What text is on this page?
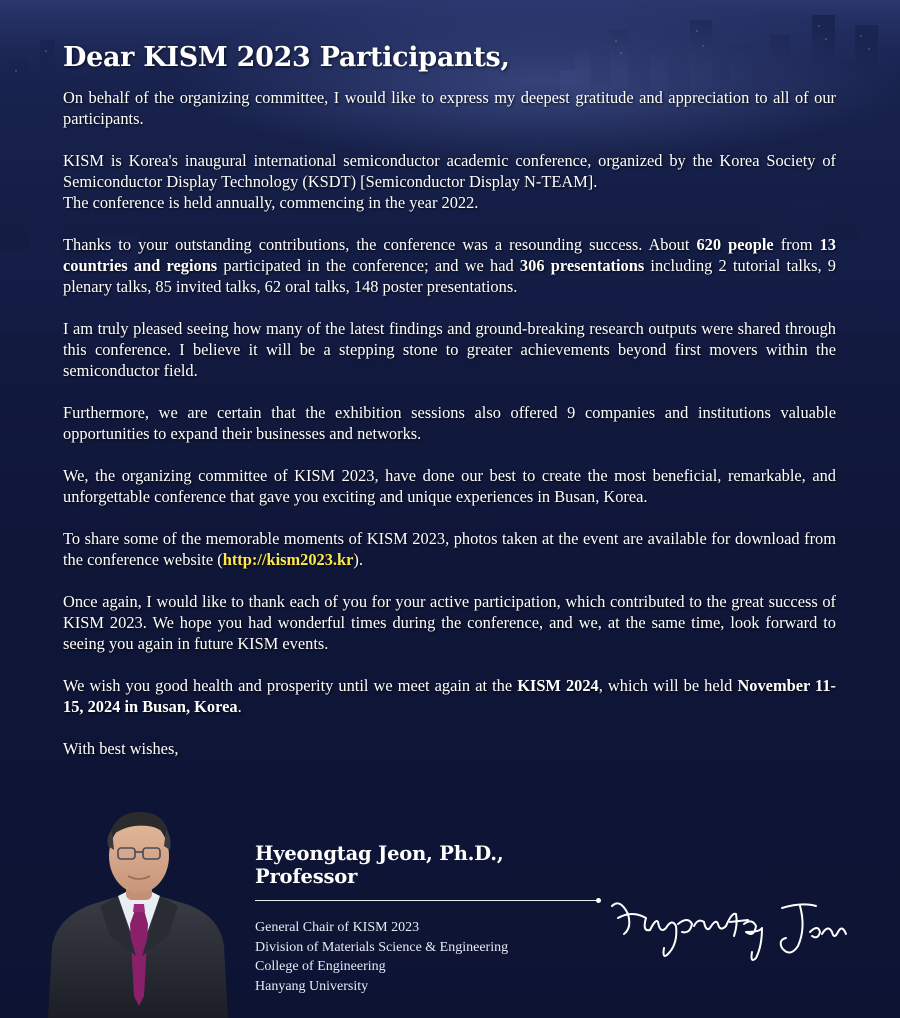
Dear KISM 2023 Participants,

On behalf of the organizing committee, I would like to express my deepest gratitude and appreciation to all of our participants.

KISM is Korea's inaugural international semiconductor academic conference, organized by the Korea Society of Semiconductor Display Technology (KSDT) [Semiconductor Display N-TEAM].
The conference is held annually, commencing in the year 2022.

Thanks to your outstanding contributions, the conference was a resounding success. About 620 people from 13 countries and regions participated in the conference; and we had 306 presentations including 2 tutorial talks, 9 plenary talks, 85 invited talks, 62 oral talks, 148 poster presentations.

I am truly pleased seeing how many of the latest findings and ground-breaking research outputs were shared through this conference. I believe it will be a stepping stone to greater achievements beyond first movers within the semiconductor field.

Furthermore, we are certain that the exhibition sessions also offered 9 companies and institutions valuable opportunities to expand their businesses and networks.

We, the organizing committee of KISM 2023, have done our best to create the most beneficial, remarkable, and unforgettable conference that gave you exciting and unique experiences in Busan, Korea.

To share some of the memorable moments of KISM 2023, photos taken at the event are available for download from the conference website (http://kism2023.kr).

Once again, I would like to thank each of you for your active participation, which contributed to the great success of KISM 2023. We hope you had wonderful times during the conference, and we, at the same time, look forward to seeing you again in future KISM events.

We wish you good health and prosperity until we meet again at the KISM 2024, which will be held November 11-15, 2024 in Busan, Korea.

With best wishes,

Hyeongtag Jeon, Ph.D., Professor

General Chair of KISM 2023
Division of Materials Science & Engineering
College of Engineering
Hanyang University
